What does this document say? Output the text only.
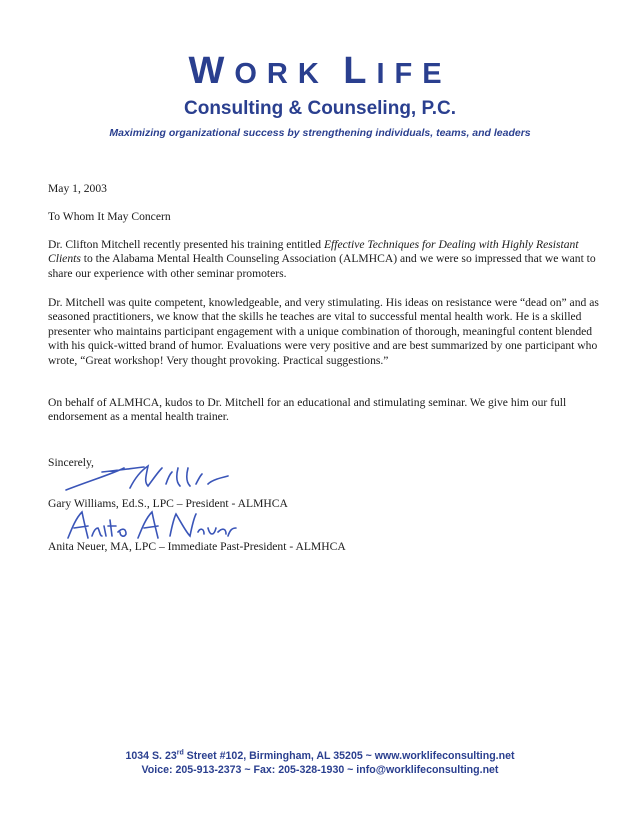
WORK LIFE
Consulting & Counseling, P.C.
Maximizing organizational success by strengthening individuals, teams, and leaders
May 1, 2003
To Whom It May Concern

Dr. Clifton Mitchell recently presented his training entitled Effective Techniques for Dealing with Highly Resistant Clients to the Alabama Mental Health Counseling Association (ALMHCA) and we were so impressed that we want to share our experience with other seminar promoters.

Dr. Mitchell was quite competent, knowledgeable, and very stimulating. His ideas on resistance were “dead on” and as seasoned practitioners, we know that the skills he teaches are vital to successful mental health work. He is a skilled presenter who maintains participant engagement with a unique combination of thorough, meaningful content blended with his quick-witted brand of humor. Evaluations were very positive and are best summarized by one participant who wrote, “Great workshop! Very thought provoking. Practical suggestions.”
On behalf of ALMHCA, kudos to Dr. Mitchell for an educational and stimulating seminar. We give him our full endorsement as a mental health trainer.
Sincerely,
Gary Williams, Ed.S., LPC – President - ALMHCA
Anita Neuer, MA, LPC – Immediate Past-President - ALMHCA
1034 S. 23rd Street #102, Birmingham, AL 35205 ~ www.worklifeconsulting.net
Voice: 205-913-2373 ~ Fax: 205-328-1930 ~ info@worklifeconsulting.net
